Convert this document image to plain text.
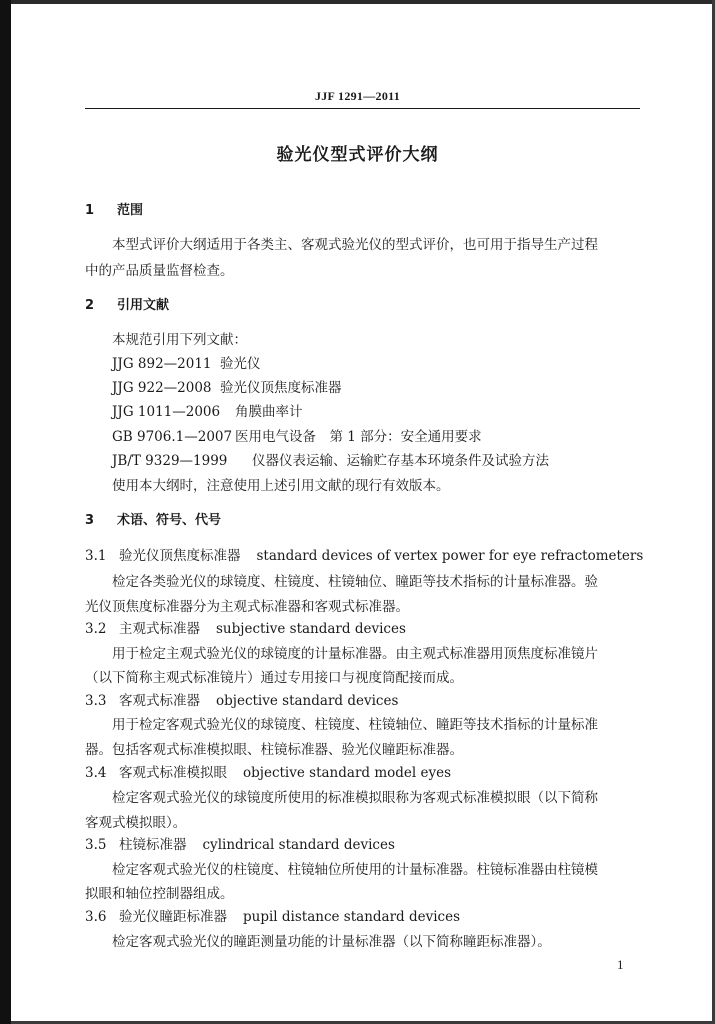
JJF 1291—2011
验光仪型式评价大纲
1 范围
本型式评价大纲适用于各类主、客观式验光仪的型式评价，也可用于指导生产过程
中的产品质量监督检查。
2 引用文献
本规范引用下列文献：
JJG 892—2011 验光仪
JJG 922—2008 验光仪顶焦度标准器
JJG 1011—2006 角膜曲率计
GB 9706.1—2007 医用电气设备　第 1 部分：安全通用要求
JB/T 9329—1999 仪器仪表运输、运输贮存基本环境条件及试验方法
使用本大纲时，注意使用上述引用文献的现行有效版本。
3 术语、符号、代号
3.1 验光仪顶焦度标准器 standard devices of vertex power for eye refractometers
检定各类验光仪的球镜度、柱镜度、柱镜轴位、瞳距等技术指标的计量标准器。验
光仪顶焦度标准器分为主观式标准器和客观式标准器。
3.2 主观式标准器 subjective standard devices
用于检定主观式验光仪的球镜度的计量标准器。由主观式标准器用顶焦度标准镜片
（以下简称主观式标准镜片）通过专用接口与视度筒配接而成。
3.3 客观式标准器 objective standard devices
用于检定客观式验光仪的球镜度、柱镜度、柱镜轴位、瞳距等技术指标的计量标准
器。包括客观式标准模拟眼、柱镜标准器、验光仪瞳距标准器。
3.4 客观式标准模拟眼 objective standard model eyes
检定客观式验光仪的球镜度所使用的标准模拟眼称为客观式标准模拟眼（以下简称
客观式模拟眼）。
3.5 柱镜标准器 cylindrical standard devices
检定客观式验光仪的柱镜度、柱镜轴位所使用的计量标准器。柱镜标准器由柱镜模
拟眼和轴位控制器组成。
3.6 验光仪瞳距标准器 pupil distance standard devices
检定客观式验光仪的瞳距测量功能的计量标准器（以下简称瞳距标准器）。
1
